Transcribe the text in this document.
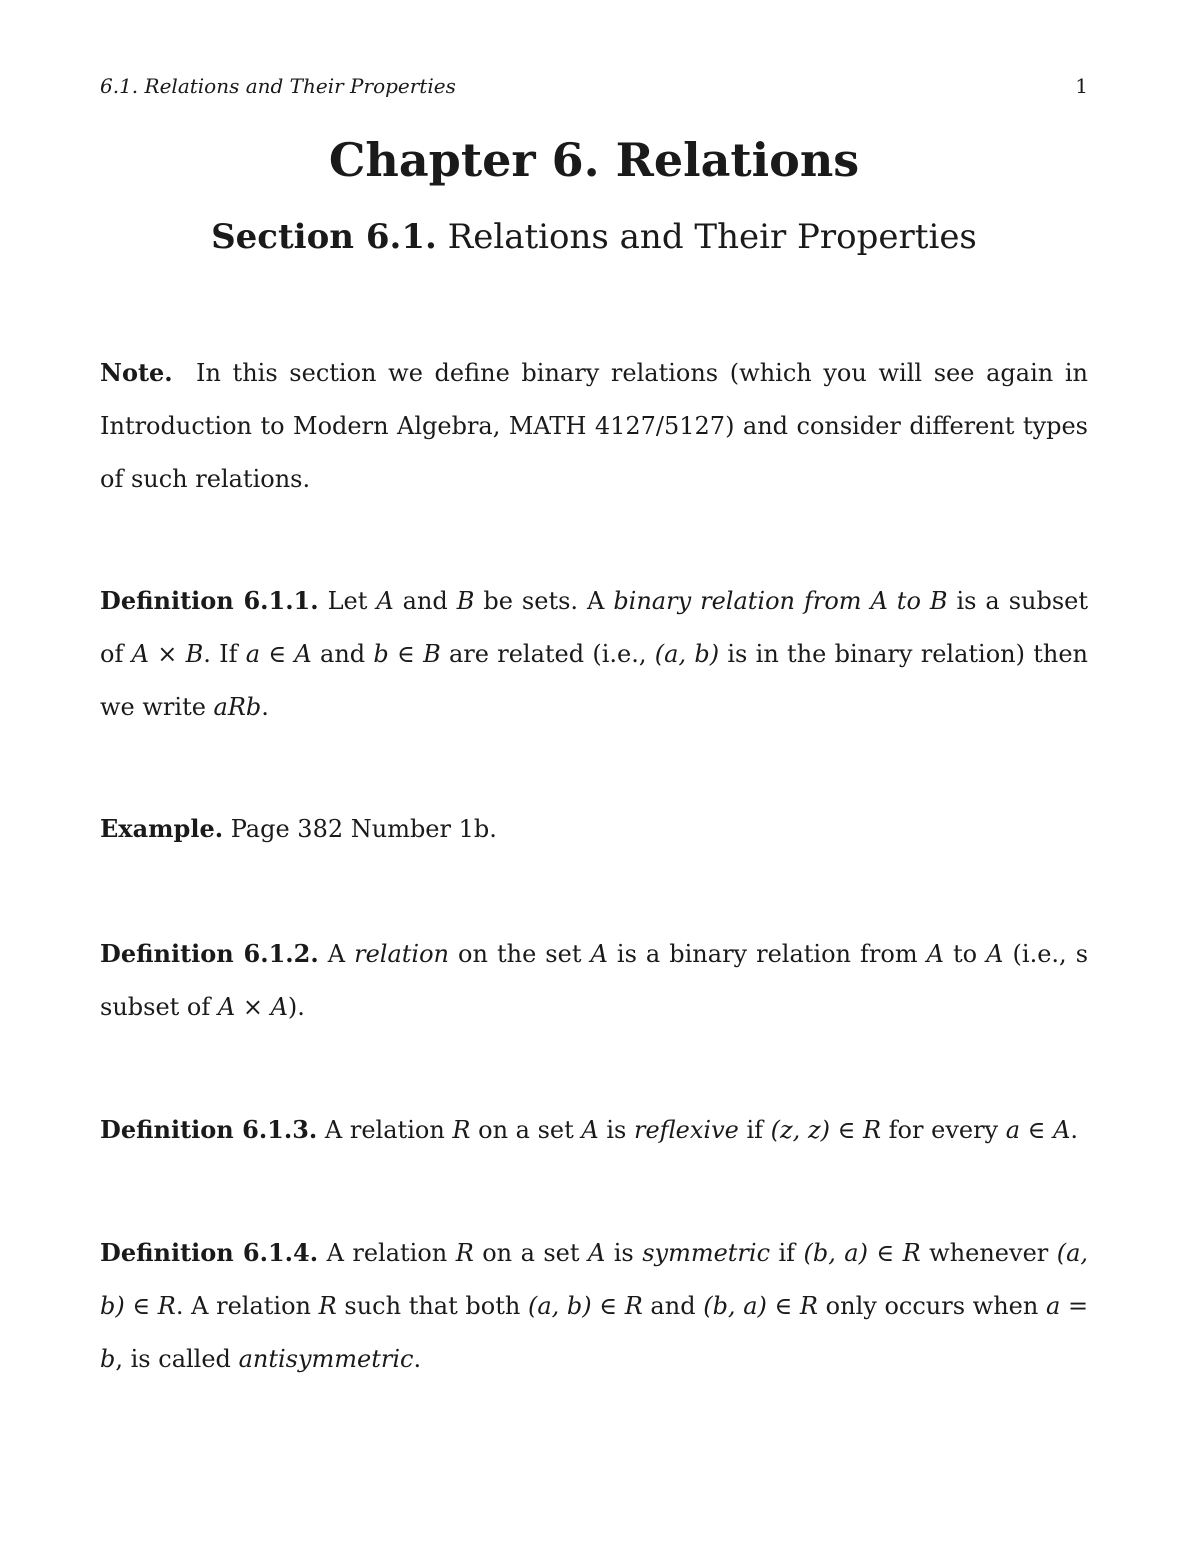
6.1. Relations and Their Properties	1
Chapter 6. Relations
Section 6.1. Relations and Their Properties

Note. In this section we define binary relations (which you will see again in Introduction to Modern Algebra, MATH 4127/5127) and consider different types of such relations.

Definition 6.1.1. Let A and B be sets. A binary relation from A to B is a subset of A × B. If a ∈ A and b ∈ B are related (i.e., (a, b) is in the binary relation) then we write aRb.

Example. Page 382 Number 1b.

Definition 6.1.2. A relation on the set A is a binary relation from A to A (i.e., s subset of A × A).

Definition 6.1.3. A relation R on a set A is reflexive if (z, z) ∈ R for every a ∈ A.

Definition 6.1.4. A relation R on a set A is symmetric if (b, a) ∈ R whenever (a, b) ∈ R. A relation R such that both (a, b) ∈ R and (b, a) ∈ R only occurs when a = b, is called antisymmetric.
